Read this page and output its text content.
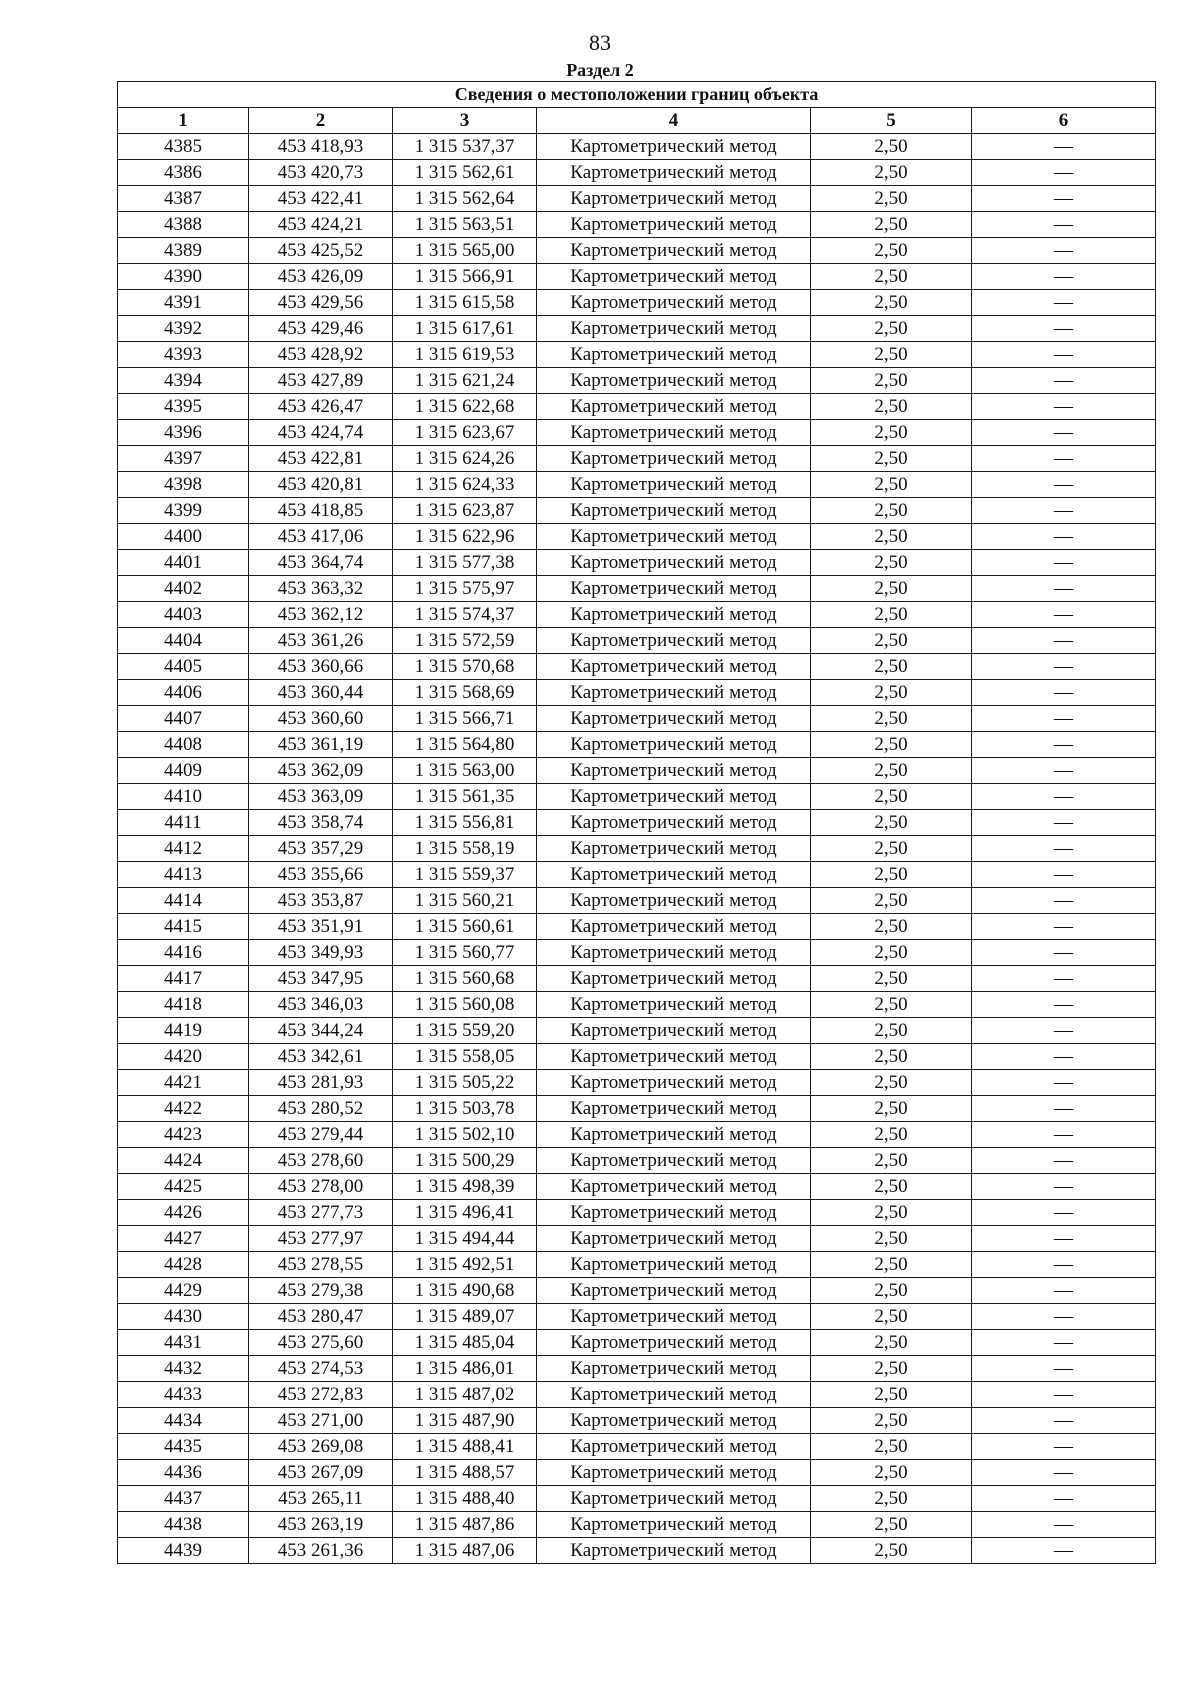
83
Раздел 2
Сведения о местоположении границ объекта					
1	2	3	4	5	6
4385	453 418,93	1 315 537,37	Картометрический метод	2,50	—
4386	453 420,73	1 315 562,61	Картометрический метод	2,50	—
4387	453 422,41	1 315 562,64	Картометрический метод	2,50	—
4388	453 424,21	1 315 563,51	Картометрический метод	2,50	—
4389	453 425,52	1 315 565,00	Картометрический метод	2,50	—
4390	453 426,09	1 315 566,91	Картометрический метод	2,50	—
4391	453 429,56	1 315 615,58	Картометрический метод	2,50	—
4392	453 429,46	1 315 617,61	Картометрический метод	2,50	—
4393	453 428,92	1 315 619,53	Картометрический метод	2,50	—
4394	453 427,89	1 315 621,24	Картометрический метод	2,50	—
4395	453 426,47	1 315 622,68	Картометрический метод	2,50	—
4396	453 424,74	1 315 623,67	Картометрический метод	2,50	—
4397	453 422,81	1 315 624,26	Картометрический метод	2,50	—
4398	453 420,81	1 315 624,33	Картометрический метод	2,50	—
4399	453 418,85	1 315 623,87	Картометрический метод	2,50	—
4400	453 417,06	1 315 622,96	Картометрический метод	2,50	—
4401	453 364,74	1 315 577,38	Картометрический метод	2,50	—
4402	453 363,32	1 315 575,97	Картометрический метод	2,50	—
4403	453 362,12	1 315 574,37	Картометрический метод	2,50	—
4404	453 361,26	1 315 572,59	Картометрический метод	2,50	—
4405	453 360,66	1 315 570,68	Картометрический метод	2,50	—
4406	453 360,44	1 315 568,69	Картометрический метод	2,50	—
4407	453 360,60	1 315 566,71	Картометрический метод	2,50	—
4408	453 361,19	1 315 564,80	Картометрический метод	2,50	—
4409	453 362,09	1 315 563,00	Картометрический метод	2,50	—
4410	453 363,09	1 315 561,35	Картометрический метод	2,50	—
4411	453 358,74	1 315 556,81	Картометрический метод	2,50	—
4412	453 357,29	1 315 558,19	Картометрический метод	2,50	—
4413	453 355,66	1 315 559,37	Картометрический метод	2,50	—
4414	453 353,87	1 315 560,21	Картометрический метод	2,50	—
4415	453 351,91	1 315 560,61	Картометрический метод	2,50	—
4416	453 349,93	1 315 560,77	Картометрический метод	2,50	—
4417	453 347,95	1 315 560,68	Картометрический метод	2,50	—
4418	453 346,03	1 315 560,08	Картометрический метод	2,50	—
4419	453 344,24	1 315 559,20	Картометрический метод	2,50	—
4420	453 342,61	1 315 558,05	Картометрический метод	2,50	—
4421	453 281,93	1 315 505,22	Картометрический метод	2,50	—
4422	453 280,52	1 315 503,78	Картометрический метод	2,50	—
4423	453 279,44	1 315 502,10	Картометрический метод	2,50	—
4424	453 278,60	1 315 500,29	Картометрический метод	2,50	—
4425	453 278,00	1 315 498,39	Картометрический метод	2,50	—
4426	453 277,73	1 315 496,41	Картометрический метод	2,50	—
4427	453 277,97	1 315 494,44	Картометрический метод	2,50	—
4428	453 278,55	1 315 492,51	Картометрический метод	2,50	—
4429	453 279,38	1 315 490,68	Картометрический метод	2,50	—
4430	453 280,47	1 315 489,07	Картометрический метод	2,50	—
4431	453 275,60	1 315 485,04	Картометрический метод	2,50	—
4432	453 274,53	1 315 486,01	Картометрический метод	2,50	—
4433	453 272,83	1 315 487,02	Картометрический метод	2,50	—
4434	453 271,00	1 315 487,90	Картометрический метод	2,50	—
4435	453 269,08	1 315 488,41	Картометрический метод	2,50	—
4436	453 267,09	1 315 488,57	Картометрический метод	2,50	—
4437	453 265,11	1 315 488,40	Картометрический метод	2,50	—
4438	453 263,19	1 315 487,86	Картометрический метод	2,50	—
4439	453 261,36	1 315 487,06	Картометрический метод	2,50	—
